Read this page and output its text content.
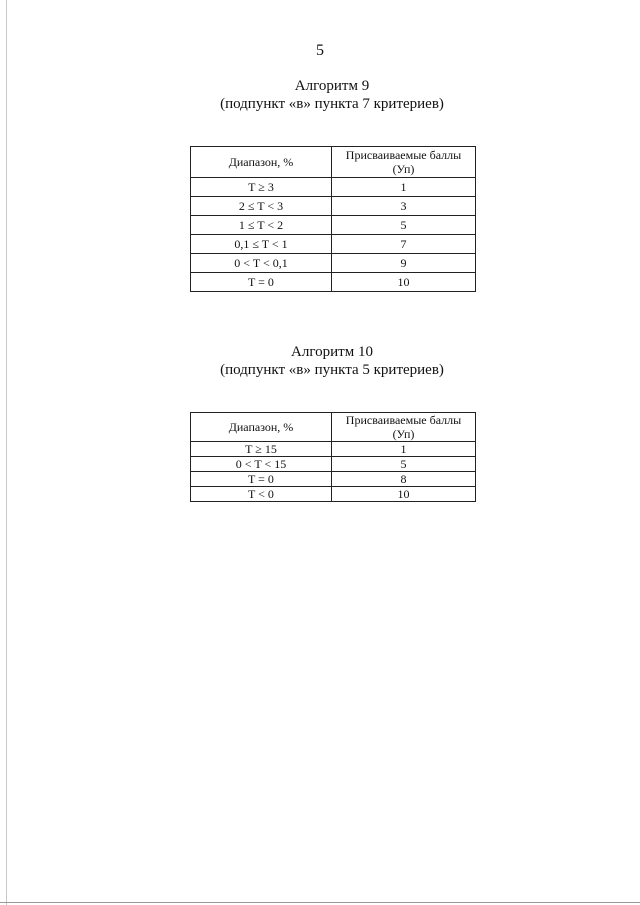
5
Алгоритм 9
(подпункт «в» пункта 7 критериев)
Диапазон, %	Присваиваемые баллы
(Уп)
T ≥ 3	1
2 ≤ T < 3	3
1 ≤ T < 2	5
0,1 ≤ T < 1	7
0 < T < 0,1	9
T = 0	10
Алгоритм 10
(подпункт «в» пункта 5 критериев)
Диапазон, %	Присваиваемые баллы
(Уп)
T ≥ 15	1
0 < T < 15	5
T = 0	8
T < 0	10
